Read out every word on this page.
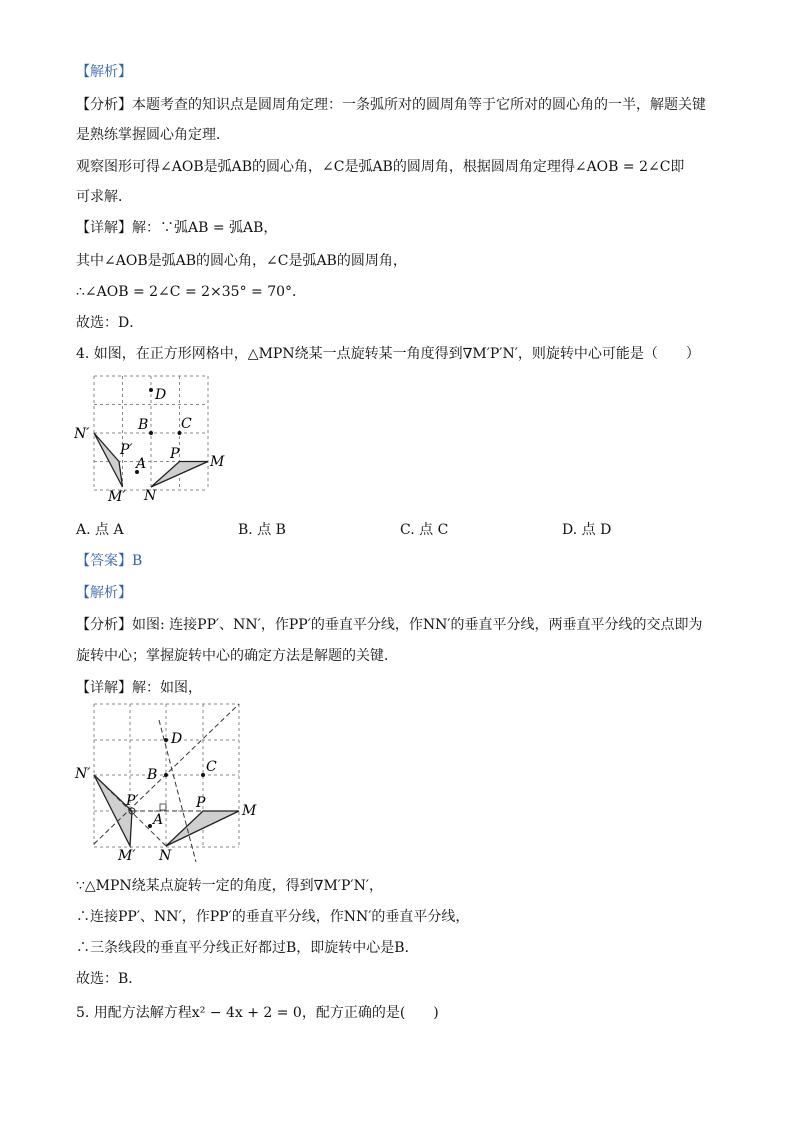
【解析】
【分析】本题考查的知识点是圆周角定理：一条弧所对的圆周角等于它所对的圆心角的一半，解题关键
是熟练掌握圆心角定理．
观察图形可得∠AOB是弧AB的圆心角，∠C是弧AB的圆周角，根据圆周角定理得∠AOB = 2∠C即
可求解．
【详解】解：∵弧AB = 弧AB，
其中∠AOB是弧AB的圆心角，∠C是弧AB的圆周角，
∴∠AOB = 2∠C = 2×35° = 70°．
故选：D．
4. 如图，在正方形网格中，△MPN绕某一点旋转某一角度得到∇M′P′N′，则旋转中心可能是（　　）
D
B C
A
P M
N
P′
M′
N′
A. 点 A	B. 点 B	C. 点 C	D. 点 D
【答案】B
【解析】
【分析】如图: 连接PP′、NN′，作PP′的垂直平分线，作NN′的垂直平分线，两垂直平分线的交点即为
旋转中心；掌握旋转中心的确定方法是解题的关键．
【详解】解：如图，
D
B	C
A
P	M
N
P′
M′
N′
∵△MPN绕某点旋转一定的角度，得到∇M′P′N′，
∴连接PP′、NN′，作PP′的垂直平分线，作NN′的垂直平分线，
∴三条线段的垂直平分线正好都过B，即旋转中心是B．
故选：B．
5. 用配方法解方程x² − 4x + 2 = 0，配方正确的是(　　)
